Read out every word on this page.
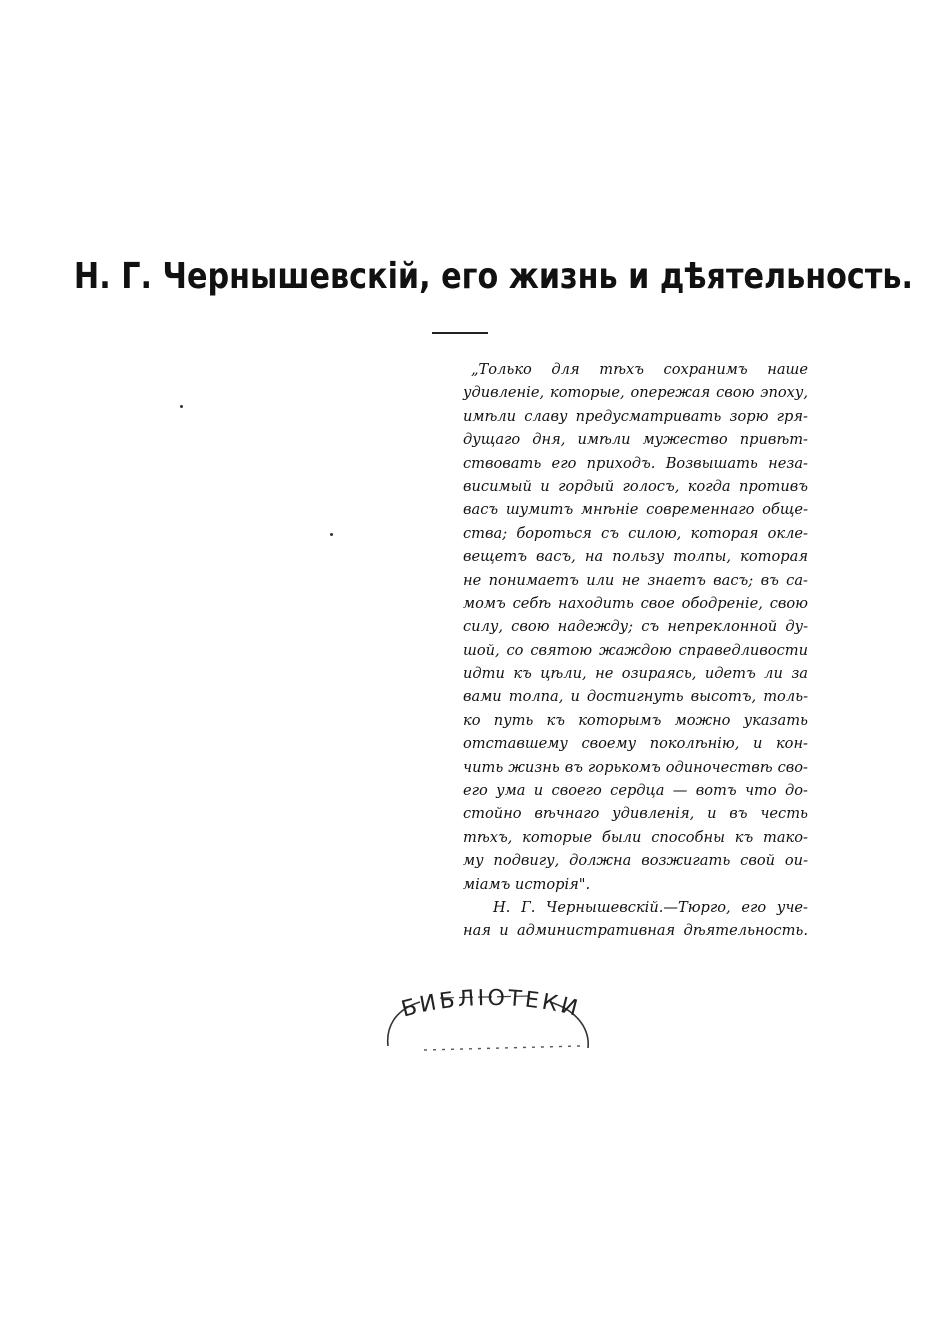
Н. Г. Чернышевскій, его жизнь и дѣятельность.
„Только для тѣхъ сохранимъ наше
удивленіе, которые, опережая свою эпоху,
имѣли славу предусматривать зорю гря-
дущаго дня, имѣли мужество привѣт-
ствовать его приходъ. Возвышать неза-
висимый и гордый голосъ, когда противъ
васъ шумитъ мнѣніе современнаго обще-
ства; бороться съ силою, которая окле-
вещетъ васъ, на пользу толпы, которая
не понимаетъ или не знаетъ васъ; въ са-
момъ себѣ находить свое ободреніе, свою
силу, свою надежду; съ непреклонной ду-
шой, со святою жаждою справедливости
идти къ цѣли, не озираясь, идетъ ли за
вами толпа, и достигнуть высотъ, толь-
ко путь къ которымъ можно указать
отставшему своему поколѣнію, и кон-
чить жизнь въ горькомъ одиночествѣ сво-
его ума и своего сердца — вотъ что до-
стойно вѣчнаго удивленія, и въ честь
тѣхъ, которые были способны къ тако-
му подвигу, должна возжигать свой ои-
міамъ исторія".
Н. Г. Чернышевскій.—Тюрго, его уче-
ная и административная дѣятельность.
БИБЛІОТЕКИ
